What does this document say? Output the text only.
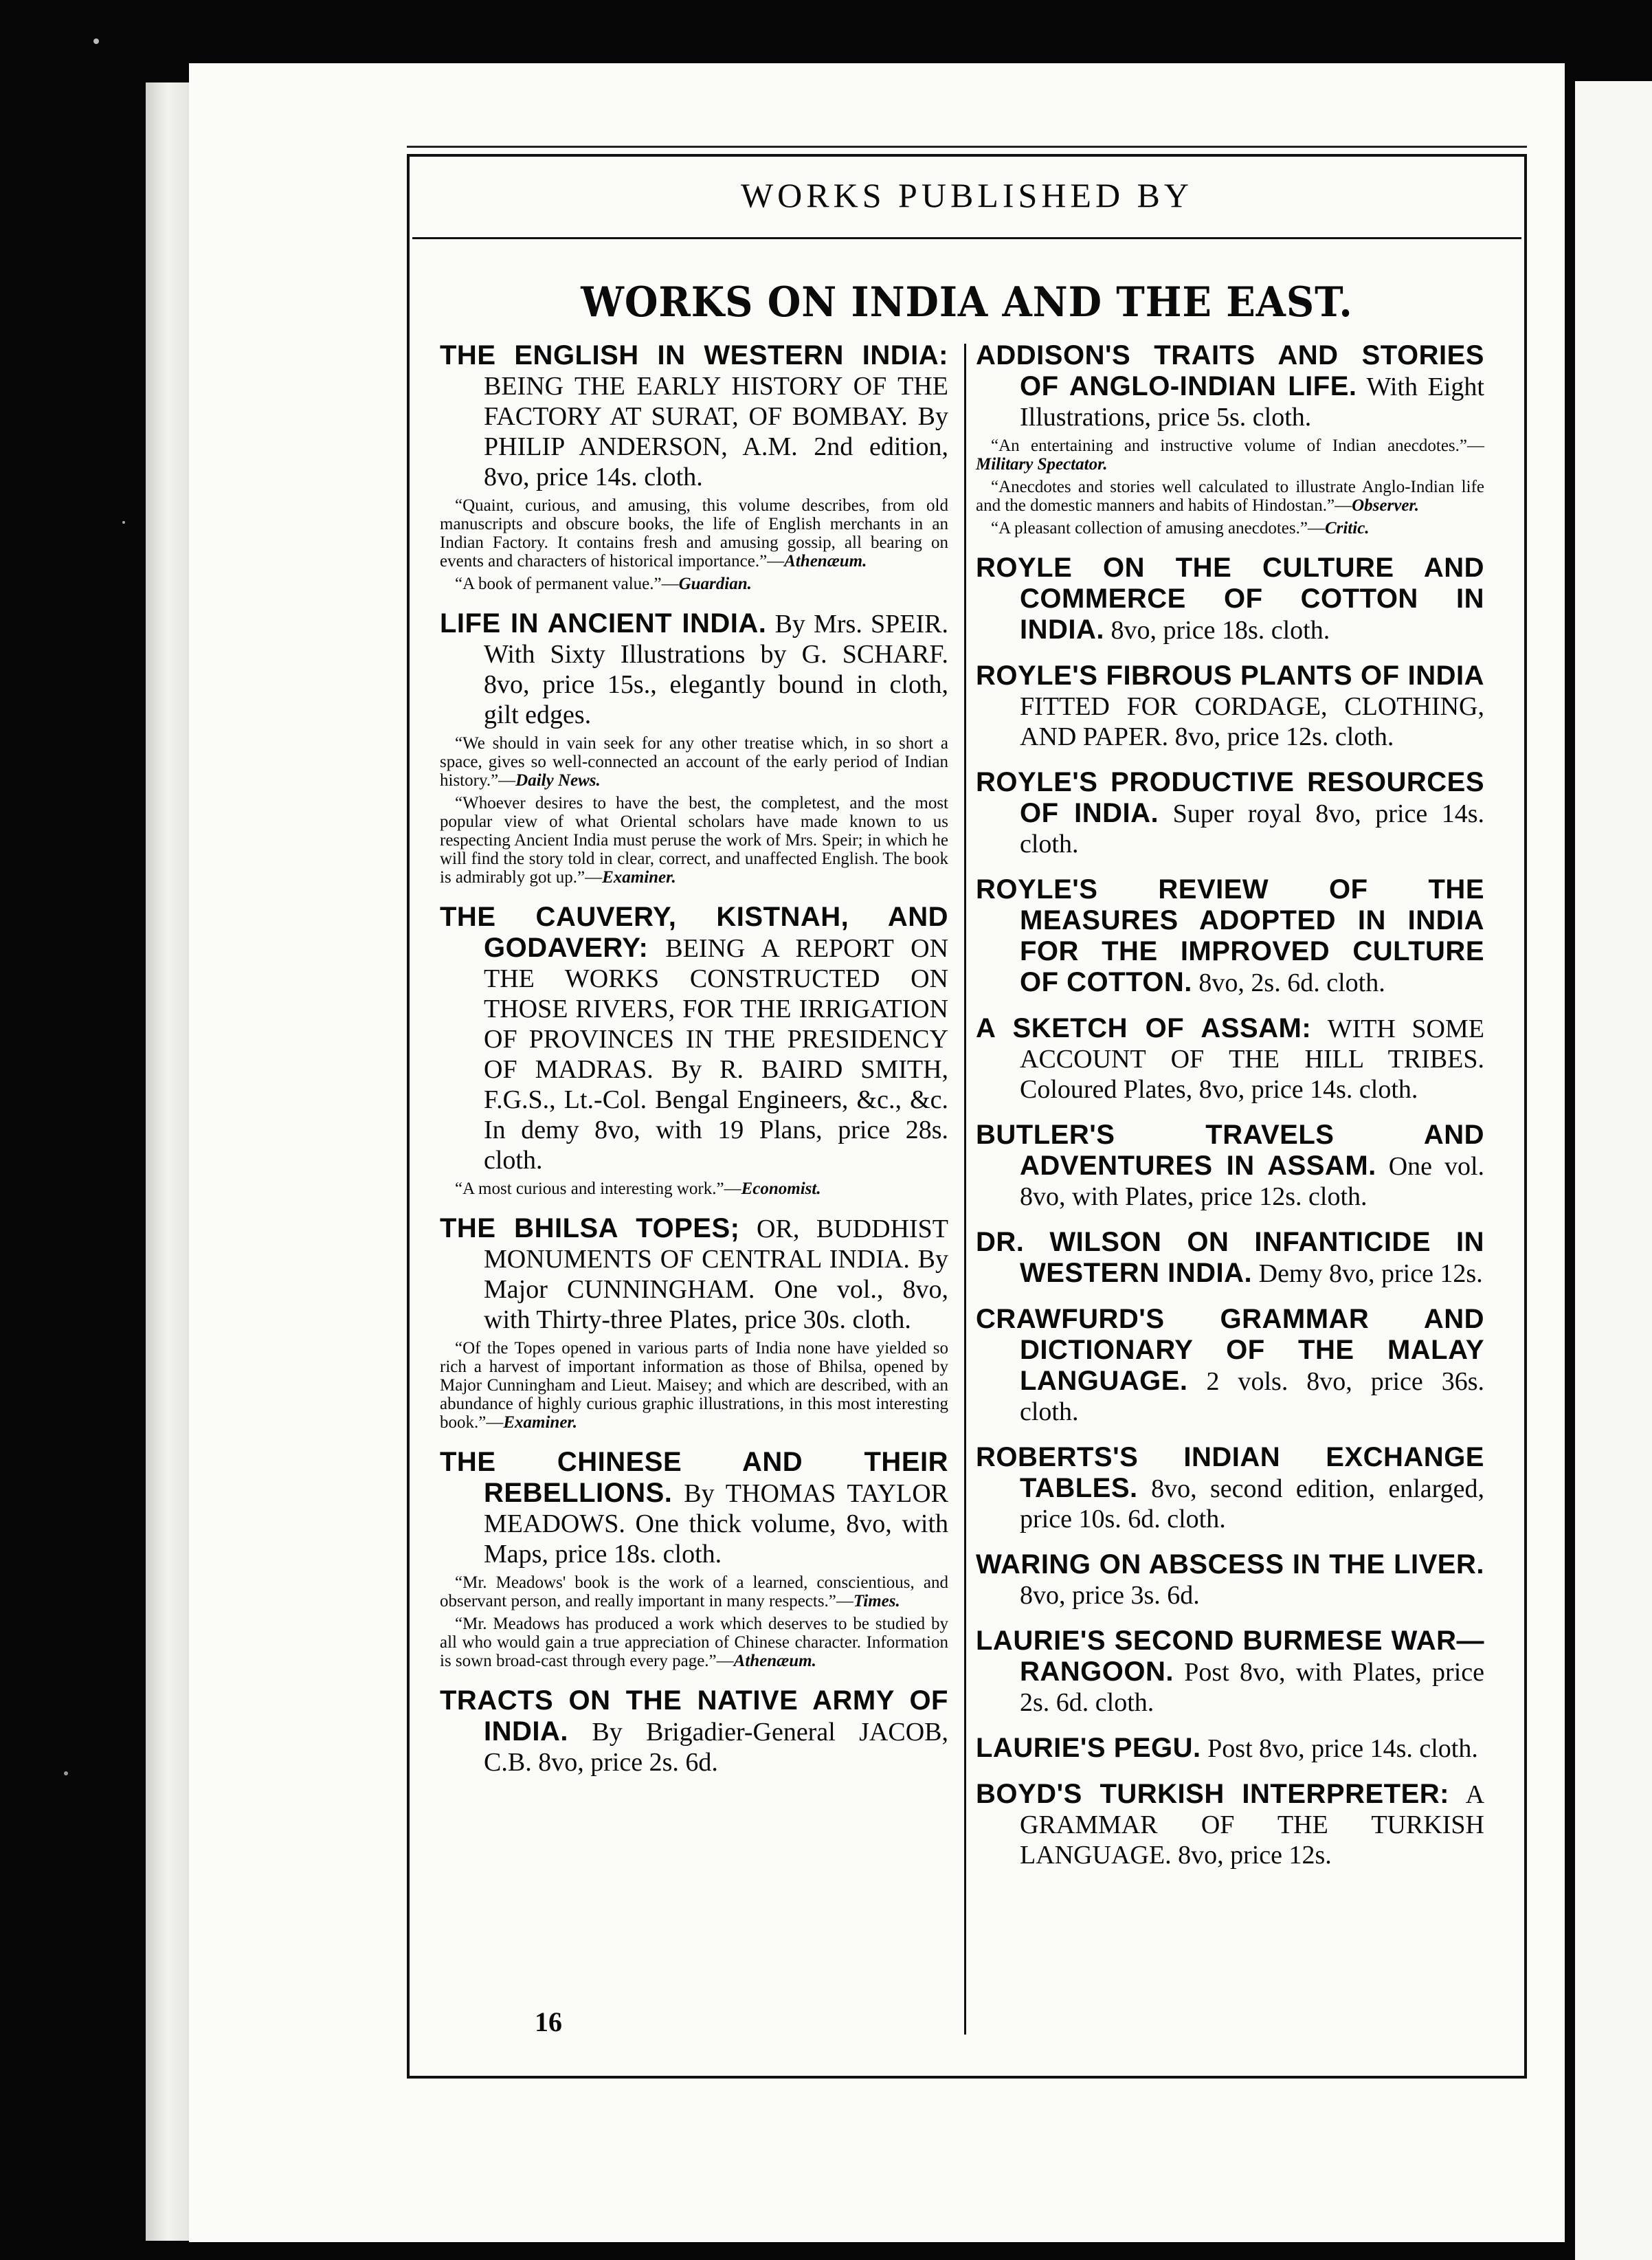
WORKS PUBLISHED BY
WORKS ON INDIA AND THE EAST.
THE ENGLISH IN WESTERN INDIA: BEING THE EARLY HISTORY OF THE FACTORY AT SURAT, OF BOMBAY. By PHILIP ANDERSON, A.M. 2nd edition, 8vo, price 14s. cloth.

“Quaint, curious, and amusing, this volume describes, from old manuscripts and obscure books, the life of English merchants in an Indian Factory. It contains fresh and amusing gossip, all bearing on events and characters of historical importance.”—Athenæum.

“A book of permanent value.”—Guardian.

LIFE IN ANCIENT INDIA. By Mrs. SPEIR. With Sixty Illustrations by G. SCHARF. 8vo, price 15s., elegantly bound in cloth, gilt edges.

“We should in vain seek for any other treatise which, in so short a space, gives so well-connected an account of the early period of Indian history.”—Daily News.

“Whoever desires to have the best, the completest, and the most popular view of what Oriental scholars have made known to us respecting Ancient India must peruse the work of Mrs. Speir; in which he will find the story told in clear, correct, and unaffected English. The book is admirably got up.”—Examiner.

THE CAUVERY, KISTNAH, AND GODAVERY: BEING A REPORT ON THE WORKS CONSTRUCTED ON THOSE RIVERS, FOR THE IRRIGATION OF PROVINCES IN THE PRESIDENCY OF MADRAS. By R. BAIRD SMITH, F.G.S., Lt.-Col. Bengal Engineers, &c., &c. In demy 8vo, with 19 Plans, price 28s. cloth.

“A most curious and interesting work.”—Economist.

THE BHILSA TOPES; OR, BUDDHIST MONUMENTS OF CENTRAL INDIA. By Major CUNNINGHAM. One vol., 8vo, with Thirty-three Plates, price 30s. cloth.

“Of the Topes opened in various parts of India none have yielded so rich a harvest of important information as those of Bhilsa, opened by Major Cunningham and Lieut. Maisey; and which are described, with an abundance of highly curious graphic illustrations, in this most interesting book.”—Examiner.

THE CHINESE AND THEIR REBELLIONS. By THOMAS TAYLOR MEADOWS. One thick volume, 8vo, with Maps, price 18s. cloth.

“Mr. Meadows' book is the work of a learned, conscientious, and observant person, and really important in many respects.”—Times.

“Mr. Meadows has produced a work which deserves to be studied by all who would gain a true appreciation of Chinese character. Information is sown broad-cast through every page.”—Athenæum.

TRACTS ON THE NATIVE ARMY OF INDIA. By Brigadier-General JACOB, C.B. 8vo, price 2s. 6d.
ADDISON'S TRAITS AND STORIES OF ANGLO-INDIAN LIFE. With Eight Illustrations, price 5s. cloth.

“An entertaining and instructive volume of Indian anecdotes.”—Military Spectator.

“Anecdotes and stories well calculated to illustrate Anglo-Indian life and the domestic manners and habits of Hindostan.”—Observer.

“A pleasant collection of amusing anecdotes.”—Critic.

ROYLE ON THE CULTURE AND COMMERCE OF COTTON IN INDIA. 8vo, price 18s. cloth.
ROYLE'S FIBROUS PLANTS OF INDIA FITTED FOR CORDAGE, CLOTHING, AND PAPER. 8vo, price 12s. cloth.
ROYLE'S PRODUCTIVE RESOURCES OF INDIA. Super royal 8vo, price 14s. cloth.
ROYLE'S REVIEW OF THE MEASURES ADOPTED IN INDIA FOR THE IMPROVED CULTURE OF COTTON. 8vo, 2s. 6d. cloth.
A SKETCH OF ASSAM: WITH SOME ACCOUNT OF THE HILL TRIBES. Coloured Plates, 8vo, price 14s. cloth.
BUTLER'S TRAVELS AND ADVENTURES IN ASSAM. One vol. 8vo, with Plates, price 12s. cloth.
DR. WILSON ON INFANTICIDE IN WESTERN INDIA. Demy 8vo, price 12s.
CRAWFURD'S GRAMMAR AND DICTIONARY OF THE MALAY LANGUAGE. 2 vols. 8vo, price 36s. cloth.
ROBERTS'S INDIAN EXCHANGE TABLES. 8vo, second edition, enlarged, price 10s. 6d. cloth.
WARING ON ABSCESS IN THE LIVER. 8vo, price 3s. 6d.
LAURIE'S SECOND BURMESE WAR—RANGOON. Post 8vo, with Plates, price 2s. 6d. cloth.
LAURIE'S PEGU. Post 8vo, price 14s. cloth.
BOYD'S TURKISH INTERPRETER: A GRAMMAR OF THE TURKISH LANGUAGE. 8vo, price 12s.
16
